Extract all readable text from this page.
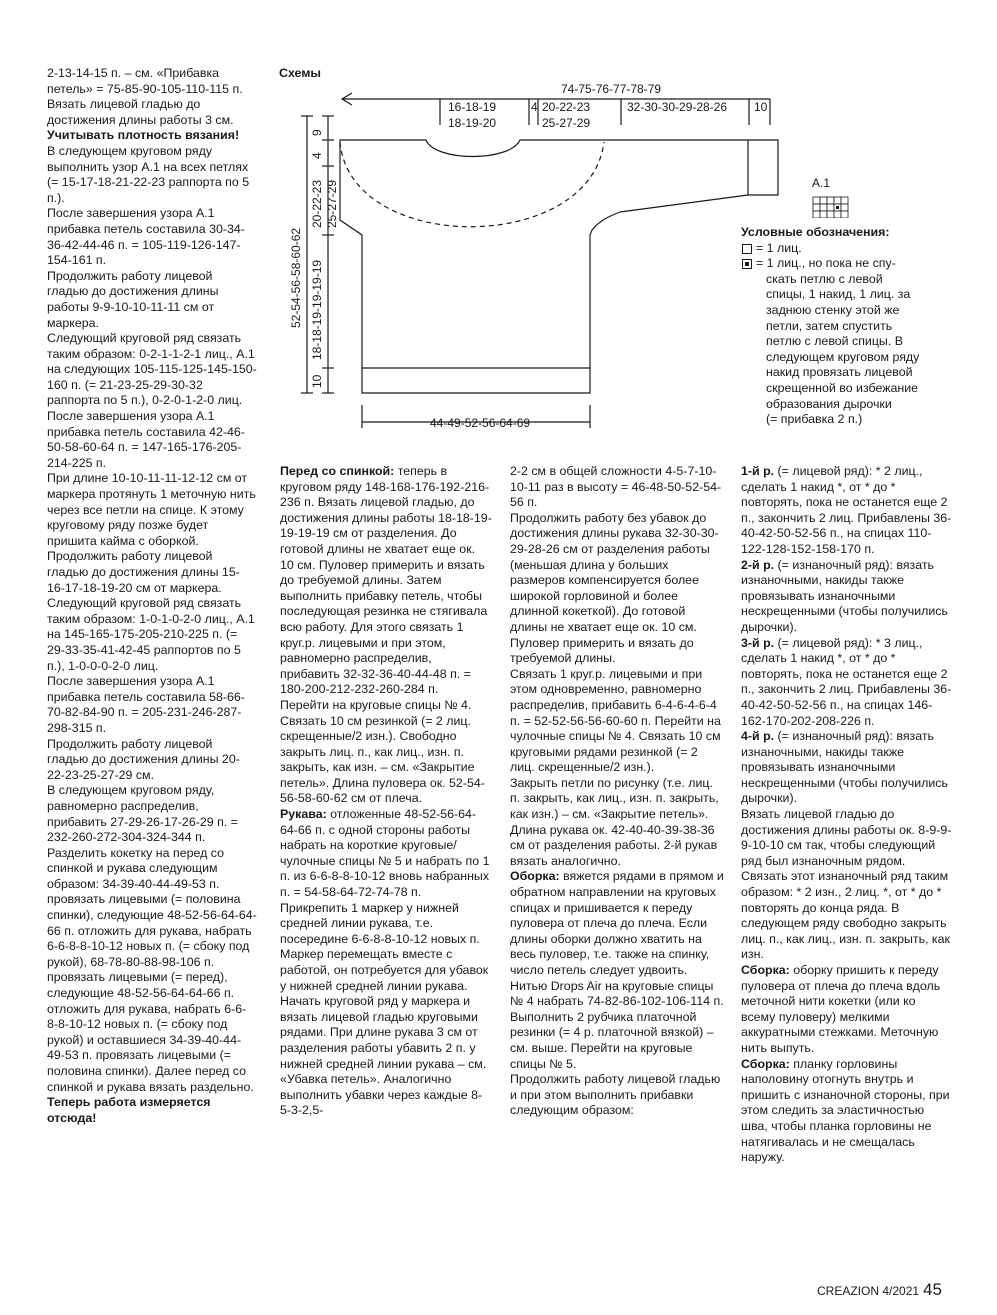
2-13-14-15 п. – см. «Прибавка петель» = 75-85-90-105-110-115 п. Вязать лицевой гладью до достижения длины работы 3 см. Учитывать плотность вязания!

В следующем круговом ряду выполнить узор A.1 на всех петлях (= 15-17-18-21-22-23 раппорта по 5 п.).

После завершения узора A.1 прибавка петель составила 30-34-36-42-44-46 п. = 105-119-126-147-154-161 п.

Продолжить работу лицевой гладью до достижения длины работы 9-9-10-10-11-11 см от маркера.

Следующий круговой ряд связать таким образом: 0-2-1-1-2-1 лиц., A.1 на следующих 105-115-125-145-150-160 п. (= 21-23-25-29-30-32 раппорта по 5 п.), 0-2-0-1-2-0 лиц.

После завершения узора A.1 прибавка петель составила 42-46-50-58-60-64 п. = 147-165-176-205-214-225 п.

При длине 10-10-11-11-12-12 см от маркера протянуть 1 меточную нить через все петли на спице. К этому круговому ряду позже будет пришита кайма с оборкой.

Продолжить работу лицевой гладью до достижения длины 15-16-17-18-19-20 см от маркера. Следующий круговой ряд связать таким образом: 1-0-1-0-2-0 лиц., A.1 на 145-165-175-205-210-225 п. (= 29-33-35-41-42-45 раппортов по 5 п.), 1-0-0-0-2-0 лиц.

После завершения узора A.1 прибавка петель составила 58-66-70-82-84-90 п. = 205-231-246-287-298-315 п.

Продолжить работу лицевой гладью до достижения длины 20-22-23-25-27-29 см.

В следующем круговом ряду, равномерно распределив, прибавить 27-29-26-17-26-29 п. = 232-260-272-304-324-344 п.

Разделить кокетку на перед со спинкой и рукава следующим образом: 34-39-40-44-49-53 п. провязать лицевыми (= половина спинки), следующие 48-52-56-64-64-66 п. отложить для рукава, набрать 6-6-8-8-10-12 новых п. (= сбоку под рукой), 68-78-80-88-98-106 п. провязать лицевыми (= перед), следующие 48-52-56-64-64-66 п. отложить для рукава, набрать 6-6-8-8-10-12 новых п. (= сбоку под рукой) и оставшиеся 34-39-40-44-49-53 п. провязать лицевыми (= половина спинки). Далее перед со спинкой и рукава вязать раздельно. Теперь работа измеряется отсюда!

Схемы
74-75-76-77-78-79
16-18-19
18-19-20
4 20-22-23
25-27-29
32-30-30-29-28-26 10
44-49-52-56-64-69
52-54-56-58-60-62
9
4
20-22-23 25-27-29
18-18-19-19-19-19
10
A.1
Условные обозначения:
= 1 лиц.
= 1 лиц., но пока не спу-
скать петлю с левой
спицы, 1 накид, 1 лиц. за
заднюю стенку этой же
петли, затем спустить
петлю с левой спицы. В
следующем круговом ряду
накид провязать лицевой
скрещенной во избежание
образования дырочки
(= прибавка 2 п.)

Перед со спинкой: теперь в круговом ряду 148-168-176-192-216-236 п. Вязать лицевой гладью, до достижения длины работы 18-18-19-19-19-19 см от разделения. До готовой длины не хватает еще ок. 10 см. Пуловер примерить и вязать до требуемой длины. Затем выполнить прибавку петель, чтобы последующая резинка не стягивала всю работу. Для этого связать 1 круг.р. лицевыми и при этом, равномерно распределив, прибавить 32-32-36-40-44-48 п. = 180-200-212-232-260-284 п.

Перейти на круговые спицы № 4. Связать 10 см резинкой (= 2 лиц. скрещенные/2 изн.). Свободно закрыть лиц. п., как лиц., изн. п. закрыть, как изн. – см. «Закрытие петель». Длина пуловера ок. 52-54-56-58-60-62 см от плеча.

Рукава: отложенные 48-52-56-64-64-66 п. с одной стороны работы набрать на короткие круговые/чулочные спицы № 5 и набрать по 1 п. из 6-6-8-8-10-12 вновь набранных п. = 54-58-64-72-74-78 п.

Прикрепить 1 маркер у нижней средней линии рукава, т.е. посередине 6-6-8-8-10-12 новых п. Маркер перемещать вместе с работой, он потребуется для убавок у нижней средней линии рукава.

Начать круговой ряд у маркера и вязать лицевой гладью круговыми рядами. При длине рукава 3 см от разделения работы убавить 2 п. у нижней средней линии рукава – см. «Убавка петель». Аналогично выполнить убавки через каждые 8-5-3-2,5-

2-2 см в общей сложности 4-5-7-10-10-11 раз в высоту = 46-48-50-52-54-56 п.

Продолжить работу без убавок до достижения длины рукава 32-30-30-29-28-26 см от разделения работы (меньшая длина у больших размеров компенсируется более широкой горловиной и более длинной кокеткой). До готовой длины не хватает еще ок. 10 см. Пуловер примерить и вязать до требуемой длины.

Связать 1 круг.р. лицевыми и при этом одновременно, равномерно распределив, прибавить 6-4-6-4-6-4 п. = 52-52-56-56-60-60 п. Перейти на чулочные спицы № 4. Связать 10 см круговыми рядами резинкой (= 2 лиц. скрещенные/2 изн.).

Закрыть петли по рисунку (т.е. лиц. п. закрыть, как лиц., изн. п. закрыть, как изн.) – см. «Закрытие петель». Длина рукава ок. 42-40-40-39-38-36 см от разделения работы. 2-й рукав вязать аналогично.

Оборка: вяжется рядами в прямом и обратном направлении на круговых спицах и пришивается к переду пуловера от плеча до плеча. Если длины оборки должно хватить на весь пуловер, т.е. также на спинку, число петель следует удвоить. Нитью Drops Air на круговые спицы № 4 набрать 74-82-86-102-106-114 п. Выполнить 2 рубчика платочной резинки (= 4 р. платочной вязкой) – см. выше. Перейти на круговые спицы № 5.

Продолжить работу лицевой гладью и при этом выполнить прибавки следующим образом:

1-й р. (= лицевой ряд): * 2 лиц., сделать 1 накид *, от * до * повторять, пока не останется еще 2 п., закончить 2 лиц. Прибавлены 36-40-42-50-52-56 п., на спицах 110-122-128-152-158-170 п.

2-й р. (= изнаночный ряд): вязать изнаночными, накиды также провязывать изнаночными нескрещенными (чтобы получились дырочки).

3-й р. (= лицевой ряд): * 3 лиц., сделать 1 накид *, от * до * повторять, пока не останется еще 2 п., закончить 2 лиц. Прибавлены 36-40-42-50-52-56 п., на спицах 146-162-170-202-208-226 п.

4-й р. (= изнаночный ряд): вязать изнаночными, накиды также провязывать изнаночными нескрещенными (чтобы получились дырочки).

Вязать лицевой гладью до достижения длины работы ок. 8-9-9-9-10-10 см так, чтобы следующий ряд был изнаночным рядом. Связать этот изнаночный ряд таким образом: * 2 изн., 2 лиц. *, от * до * повторять до конца ряда. В следующем ряду свободно закрыть лиц. п., как лиц., изн. п. закрыть, как изн.

Сборка: оборку пришить к переду пуловера от плеча до плеча вдоль меточной нити кокетки (или ко всему пуловеру) мелкими аккуратными стежками. Меточную нить выпуть.

Сборка: планку горловины наполовину отогнуть внутрь и пришить с изнаночной стороны, при этом следить за эластичностью шва, чтобы планка горловины не натягивалась и не смещалась наружу.

CREAZION 4/2021 45
